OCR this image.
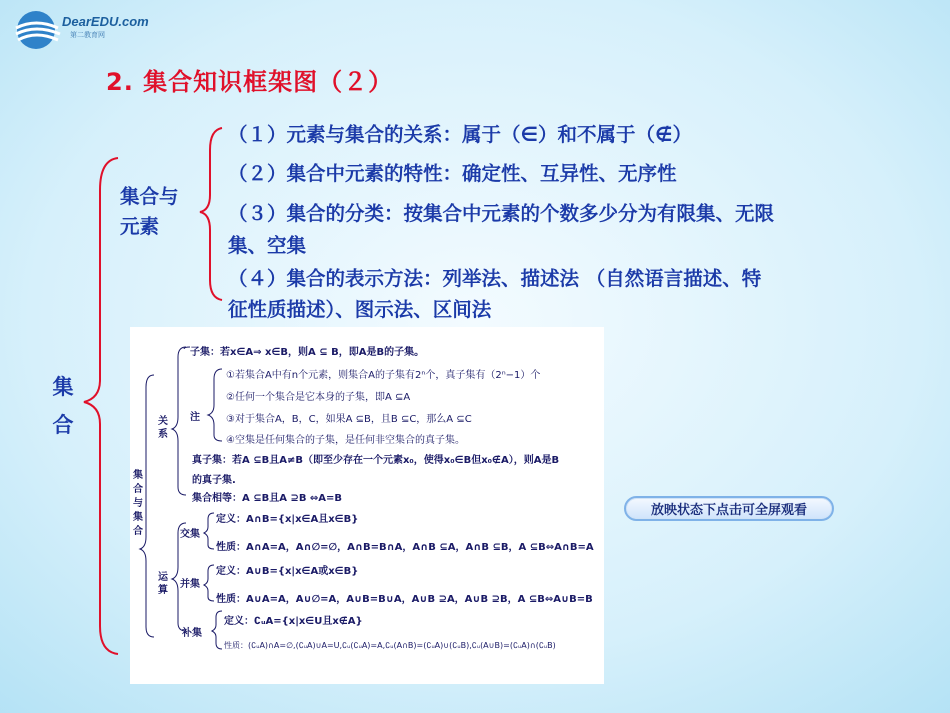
DearEDU.com
第二教育网
2. 集合知识框架图（２）
集
合
集合与
元素
（１）元素与集合的关系：属于（∈）和不属于（∉）
（２）集合中元素的特性：确定性、互异性、无序性
（３）集合的分类：按集合中元素的个数多少分为有限集、无限
集、空集
（４）集合的表示方法：列举法、描述法 （自然语言描述、特
征性质描述）、图示法、区间法
集
合
与
集
合
关
系
运
算
子集：若x∈A⇒ x∈B，则A ⊆ B，即A是B的子集。
注
①若集合A中有n个元素，则集合A的子集有2ⁿ个，真子集有（2ⁿ−1）个
②任何一个集合是它本身的子集，即A ⊆A
③对于集合A，B，C，如果A ⊆B，且B ⊆C，那么A ⊆C
④空集是任何集合的子集，是任何非空集合的真子集。
真子集：若A ⊆B且A≠B（即至少存在一个元素x₀，使得x₀∈B但x₀∉A），则A是B
的真子集.
集合相等：A ⊆B且A ⊇B ⇔A=B
交集
定义：A∩B={x|x∈A且x∈B}
性质：A∩A=A，A∩∅=∅，A∩B=B∩A，A∩B ⊆A，A∩B ⊆B，A ⊆B⇔A∩B=A
并集
定义：A∪B={x|x∈A或x∈B}
性质：A∪A=A，A∪∅=A，A∪B=B∪A，A∪B ⊇A，A∪B ⊇B，A ⊆B⇔A∪B=B
补集
定义：∁ᵤA={x|x∈U且x∉A}
性质：(∁ᵤA)∩A=∅,(∁ᵤA)∪A=U,∁ᵤ(∁ᵤA)=A,∁ᵤ(A∩B)=(∁ᵤA)∪(∁ᵤB),∁ᵤ(A∪B)=(∁ᵤA)∩(∁ᵤB)
放映状态下点击可全屏观看
